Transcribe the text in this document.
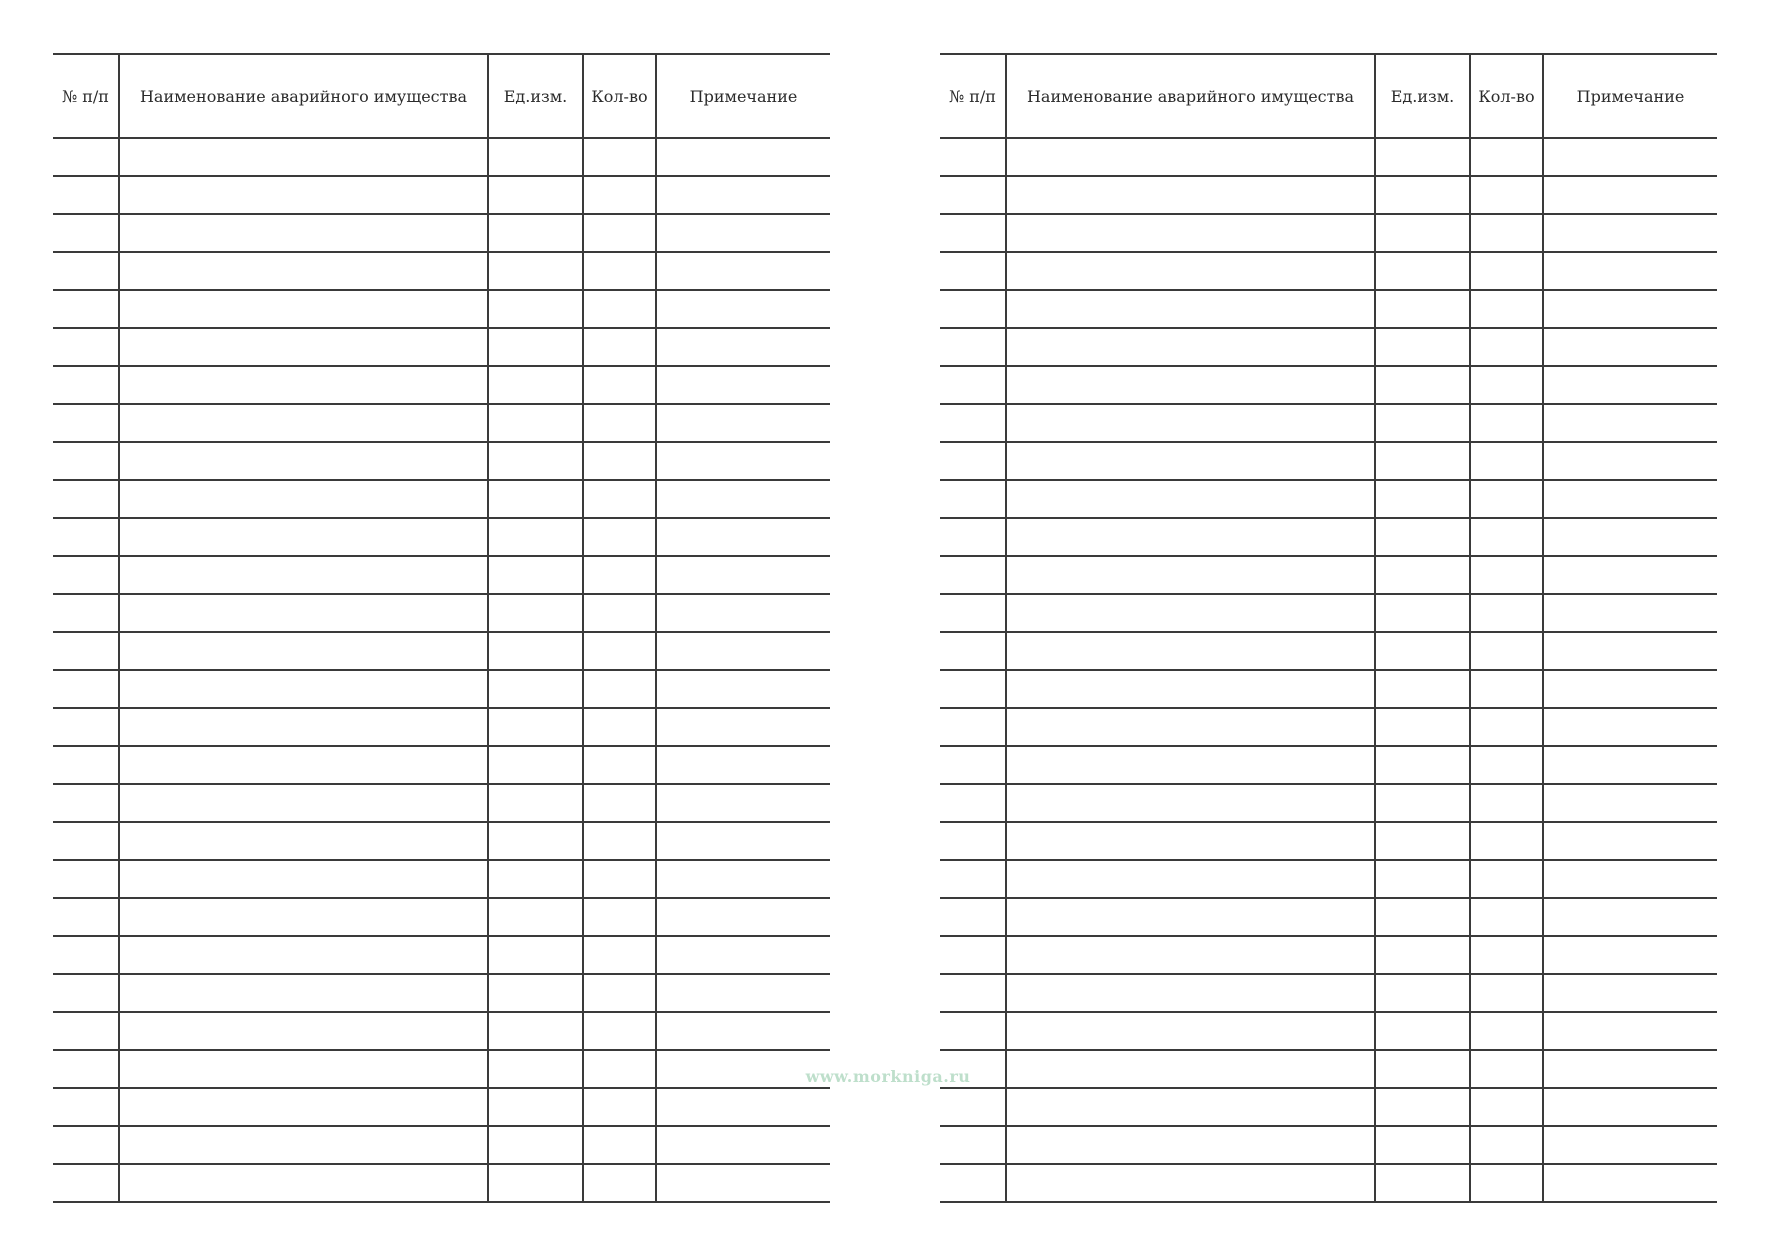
№ п/п	Наименование аварийного имущества	Ед.изм.	Кол-во	Примечание

					№ п/п	Наименование аварийного имущества	Ед.изм.	Кол-во	Примечание

www.morkniga.ru
